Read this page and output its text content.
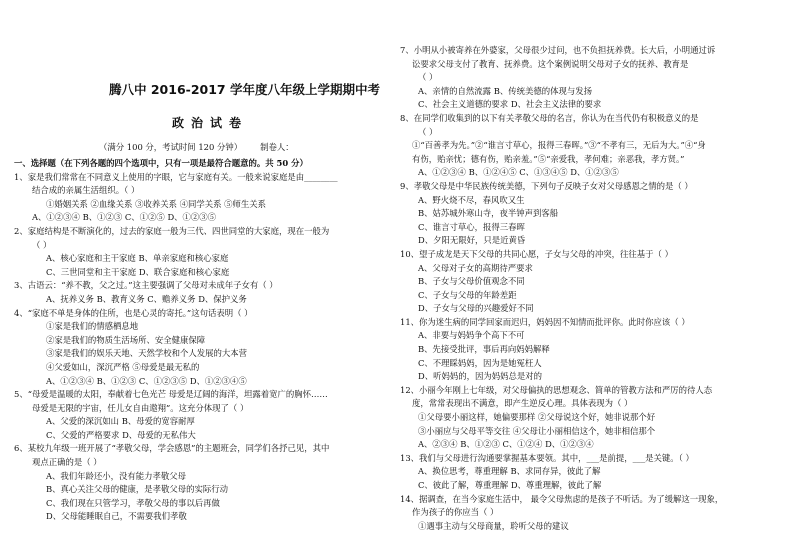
腾八中 2016-2017 学年度八年级上学期期中考
政治试卷
（满分 100 分，考试时间 120 分钟） 制卷人：
一、选择题（在下列各题的四个选项中，只有一项是最符合题意的。共 50 分）
1、家是我们常常在不同意义上使用的字眼，它与家庭有关。一般来说家庭是由________
结合成的亲属生活组织。（ ）
①婚姻关系 ②血缘关系 ③收养关系 ④同学关系 ⑤师生关系
A、①②③④ B、①②③ C、①②⑤ D、①②③⑤
2、家庭结构是不断演化的，过去的家庭一般为三代、四世同堂的大家庭，现在一般为
（ ）
A、核心家庭和主干家庭 B、单亲家庭和核心家庭
C、三世同堂和主干家庭 D、联合家庭和核心家庭
3、古语云：“养不教，父之过。”这主要强调了父母对未成年子女有（ ）
A、抚养义务 B、教育义务 C、赡养义务 D、保护义务
4、“家庭不单是身体的住所，也是心灵的寄托。”这句话表明（ ）
①家是我们的情感栖息地
②家是我们的物质生活场所、安全健康保障
③家是我们的娱乐天地、天然学校和个人发展的大本营
④父爱如山，深沉严格 ⑤母爱是最无私的
A、①②③④ B、①②③ C、①②③⑤ D、①②③④⑤
5、“母爱是温暖的太阳，奉献着七色光芒 母爱是辽阔的海洋，坦露着宽广的胸怀……
母爱是无限的宇宙，任儿女自由遨翔”。这充分体现了（ ）
A、父爱的深沉如山 B、母爱的宽容耐厚
C、父爱的严格要求 D、母爱的无私伟大
6、某校九年级一班开展了“孝敬父母，学会感恩”的主题班会，同学们各抒己见，其中
观点正确的是（ ）
A、我们年龄还小，没有能力孝敬父母
B、真心关注父母的健康，是孝敬父母的实际行动
C、我们现在只管学习，孝敬父母的事以后再做
D、父母能睡眠自己，不需要我们孝敬
7、小明从小被寄养在外婆家，父母很少过问，也不负担抚养费。长大后，小明通过诉
讼要求父母支付了教育、抚养费。这个案例说明父母对子女的抚养、教育是
（ ）
A、亲情的自然流露 B、传统美德的体现与发扬
C、社会主义道德的要求 D、社会主义法律的要求
8、在同学们收集到的以下有关孝敬父母的名言，你认为在当代仍有积极意义的是
（ ）
①“百善孝为先。”②“谁言寸草心，报得三春晖。”③“不孝有三，无后为大。”④“身
有伤，贻亲忧；德有伤，贻亲羞。”⑤“亲爱我，孝何难；亲恶我，孝方贤。”
A、①②③④ B、①②④⑤ C、①③④⑤ D、①②③⑤
9、孝敬父母是中华民族传统美德，下列句子反映子女对父母感恩之情的是（ ）
A、野火烧不尽，春风吹又生
B、姑苏城外寒山寺，夜半钟声到客船
C、谁言寸草心，报得三春晖
D、夕阳无限好，只是近黄昏
10、望子成龙是天下父母的共同心愿，子女与父母的冲突，往往基于（ ）
A、父母对子女的高期待严要求
B、子女与父母价值观念不同
C、子女与父母的年龄差距
D、子女与父母的兴趣爱好不同
11、你为迷生病的同学回家而迟归，妈妈因不知情而批评你。此时你应该（ ）
A、非要与妈妈争个高下不可
B、先接受批评，事后再向妈妈解释
C、不理睬妈妈，因为是她冤枉人
D、听妈妈的，因为妈妈总是对的
12、小丽今年刚上七年级，对父母偏执的思想观念、简单的管教方法和严厉的待人态
度，常常表现出不满意，即产生逆反心理。具体表现为（ ）
①父母要小丽这样，她偏要那样 ②父母说这个好，她非说那个好
③小丽应与父母平等交往 ④父母让小丽相信这个，她非相信那个
A、②③④ B、①②③ C、①②④ D、①②③④
13、我们与父母进行沟通要掌握基本要领。其中，___是前提，___是关键。（ ）
A、换位思考，尊重理解 B、求同存异，彼此了解
C、彼此了解，尊重理解 D、尊重理解，彼此了解
14、据调查，在当今家庭生活中， 最令父母焦虑的是孩子不听话。为了缓解这一现象，
作为孩子的你应当（ ）
①遇事主动与父母商量，聆听父母的建议
